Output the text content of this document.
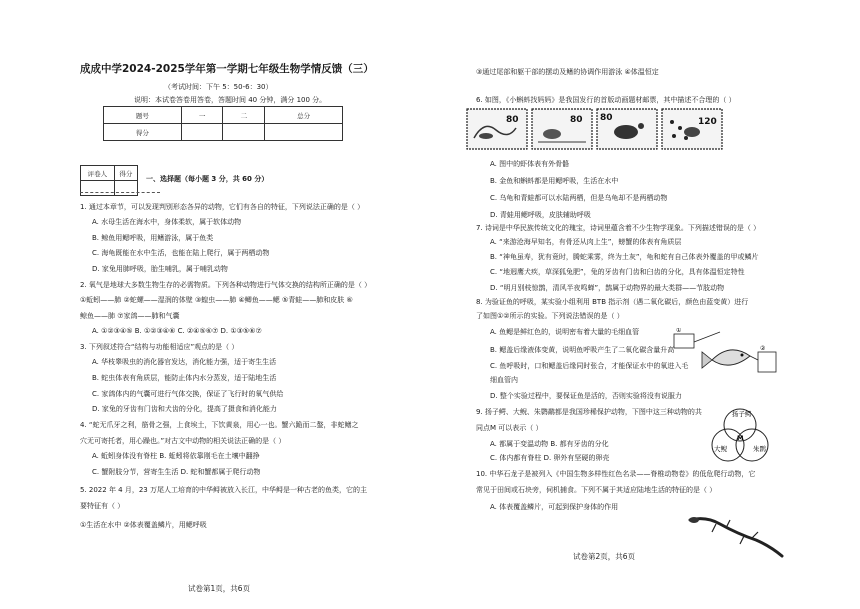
成成中学2024-2025学年第一学期七年级生物学情反馈（三）
（考试时间：下午 5：50-6：30）
说明：本试卷答卷用答卷，答题时间 40 分钟，满分 100 分。
题号	一	二	总分
得分			
评卷人	得分

一、选择题（每小题 3 分，共 60 分）
1. 通过本章节，可以发现判别形态各异的动物，它们有各自的特征，下列说法正确的是（ ）
A. 水母生活在海水中，身体柔软，属于软体动物
B. 鲸鱼用鳃呼吸，用鳍游泳，属于鱼类
C. 海龟既能在水中生活，也能在陆上爬行，属于两栖动物
D. 家兔用肺呼吸，胎生哺乳，属于哺乳动物
2. 氧气是地球大多数生物生存的必需物质。下列各种动物进行气体交换的结构所正确的是（ ）
①蚯蚓——肺 ②蛇螺——湿润的体壁 ③蝗虫——肺 ④鲫鱼——鳃 ⑤青蛙——肺和皮肤 ⑥
鲸鱼——肺 ⑦家鸽——肺和气囊
A. ①②③④⑤ B. ①②③④⑥ C. ②④⑤⑥⑦ D. ①③⑤⑥⑦
3. 下列叙述符合“结构与功能相适应”观点的是（ ）
A. 华枝睾吸虫的消化器官发达，消化能力强，适于寄生生活
B. 蛇虫体表有角质层，能防止体内水分蒸发，适于陆地生活
C. 家鸽体内的气囊可进行气体交换，保证了飞行时的氧气供给
D. 家兔的牙齿有门齿和犬齿的分化，提高了摄食和消化能力
4. “蛇无爪牙之利，筋骨之强，上食埃土，下饮黄泉，用心一也。蟹六跪而二螯，非蛇鳝之
穴无可寄托者，用心躁也。”对古文中动物的相关说法正确的是（ ）
A. 蚯蚓身体没有脊柱 B. 蚯蚓将依靠刚毛在土壤中翻挣
C. 蟹附肢分节，营寄生生活 D. 蛇和蟹都属于爬行动物
5. 2022 年 4 月，23 万尾人工培育的中华鲟被放入长江，中华鲟是一种古老的鱼类，它的主
要特征有（ ）
①生活在水中 ②体表覆盖鳞片，用鳃呼吸
试卷第1页，共6页
③通过尾部和躯干部的摆动及鳍的协调作用游泳 ④体温恒定
6. 如图，《小蝌蚪找妈妈》是我国发行的首版动画题材邮票，其中描述不合理的（ ）
A. 图中的虾体表有外骨骼
B. 金鱼和蝌蚪都是用鳃呼吸，生活在水中
C. 乌龟和青蛙都可以水陆两栖，但是乌龟却不是两栖动物
D. 青蛙用鳃呼吸，皮肤辅助呼吸
7. 诗词是中华民族传统文化的瑰宝，诗词里蕴含着不少生物学现象。下列描述错误的是（ ）
A. “来游沧海早知名，有骨还从肉上生”，螃蟹的体表有角质层
B. “神龟虽寿，犹有竟时，腾蛇乘雾，终为土灰”，龟和蛇有自己体表外覆盖的甲或鳞片
C. “地迥鹰犬疾，草深狐兔肥”，兔的牙齿有门齿和臼齿的分化，具有体温恒定特性
D. “明月别枝惊鹊，清风半夜鸣蝉”，鹊属于动物界的最大类群——节肢动物
8. 为验证鱼的呼吸，某实验小组利用 BTB 指示剂（遇二氧化碳后，颜色由蓝变黄）进行
了如图①②所示的实验。下列说法错误的是（ ）
A. 鱼鳃是鲜红色的，说明密布着大量的毛细血管
B. 鳃盖后缘液体变黄，说明鱼呼吸产生了二氧化碳含量升高
C. 鱼呼吸时，口和鳃盖后缘同时张合，才能保证水中的氧进入毛
细血管内
D. 整个实验过程中，要保证鱼是活的，否则实验将没有说服力
9. 扬子鳄、大鲵、朱鹮鹬都是我国珍稀保护动物，下图中这三种动物的共
同点M 可以表示（ ）
A. 都属于变温动物 B. 都有牙齿的分化
C. 体内都有脊柱 D. 卵外有坚硬的卵壳
10. 中华石龙子是被列入《中国生物多样性红色名录——脊椎动物卷》的低危爬行动物，它
常见于田间或石块旁，伺机捕食。下列不属于其适应陆地生活的特征的是（ ）
A. 体表覆盖鳞片，可起到保护身体的作用
试卷第2页，共6页
80	80 80	120
①
②
扬子鳄
大鲵	朱鹮
M
